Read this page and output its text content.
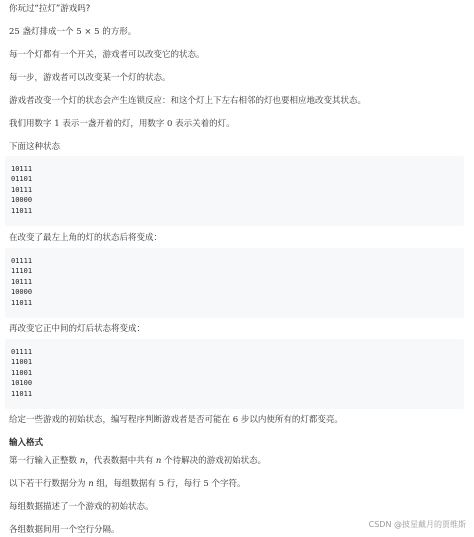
你玩过“拉灯”游戏吗?
25 盏灯排成一个 5 × 5 的方形。
每一个灯都有一个开关，游戏者可以改变它的状态。
每一步，游戏者可以改变某一个灯的状态。
游戏者改变一个灯的状态会产生连锁反应：和这个灯上下左右相邻的灯也要相应地改变其状态。
我们用数字 1 表示一盏开着的灯，用数字 0 表示关着的灯。
下面这种状态
10111
01101
10111
10000
11011
在改变了最左上角的灯的状态后将变成：
01111
11101
10111
10000
11011
再改变它正中间的灯后状态将变成：
01111
11001
11001
10100
11011
给定一些游戏的初始状态，编写程序判断游戏者是否可能在 6 步以内使所有的灯都变亮。
输入格式
第一行输入正整数 n，代表数据中共有 n 个待解决的游戏初始状态。
以下若干行数据分为 n 组，每组数据有 5 行，每行 5 个字符。
每组数据描述了一个游戏的初始状态。
各组数据间用一个空行分隔。
CSDN @披星戴月的贾维斯
